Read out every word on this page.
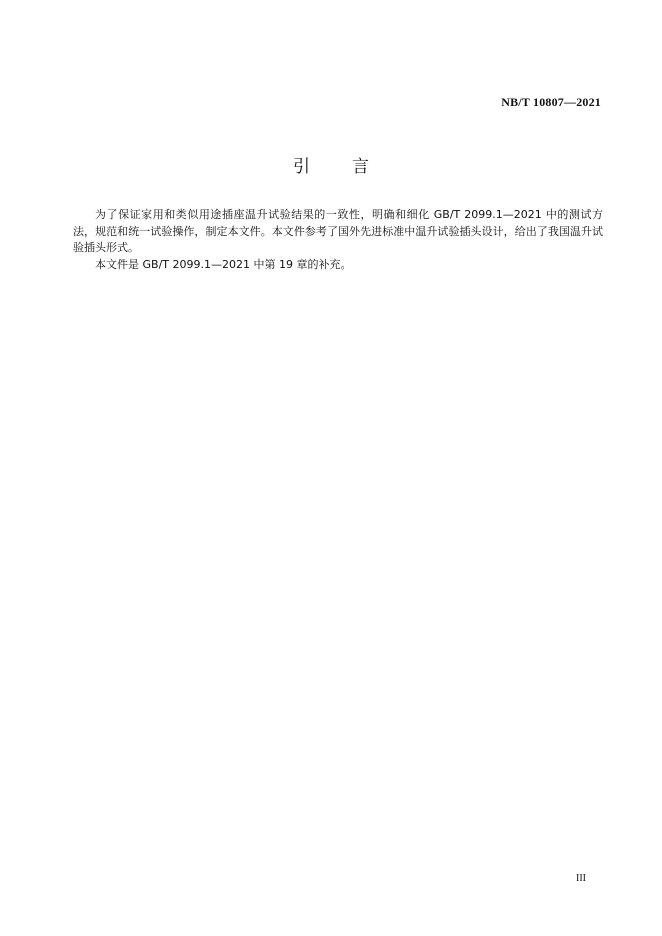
NB/T 10807—2021
引 言

为了保证家用和类似用途插座温升试验结果的一致性，明确和细化 GB/T 2099.1—2021 中的测试方法，规范和统一试验操作，制定本文件。本文件参考了国外先进标准中温升试验插头设计，给出了我国温升试验插头形式。

本文件是 GB/T 2099.1—2021 中第 19 章的补充。

III
